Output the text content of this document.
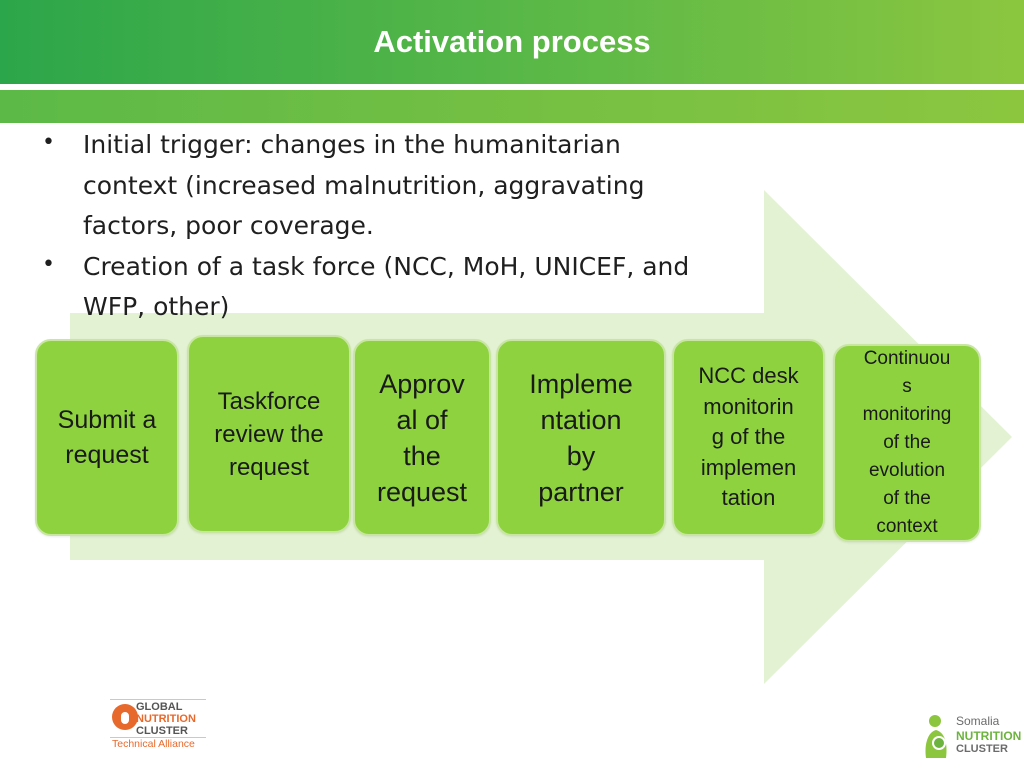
Activation process
• Initial trigger: changes in the humanitarian
context (increased malnutrition, aggravating
factors, poor coverage.
• Creation of a task force (NCC, MoH, UNICEF, and
WFP, other)
Submit a
request
Taskforce
review the
request
Approv
al of
the
request
Impleme
ntation
by
partner
NCC desk
monitorin
g of the
implemen
tation
Continuou
s
monitoring
of the
evolution
of the
context
GLOBAL
NUTRITION
CLUSTER
Technical Alliance
Somalia
NUTRITION
CLUSTER
